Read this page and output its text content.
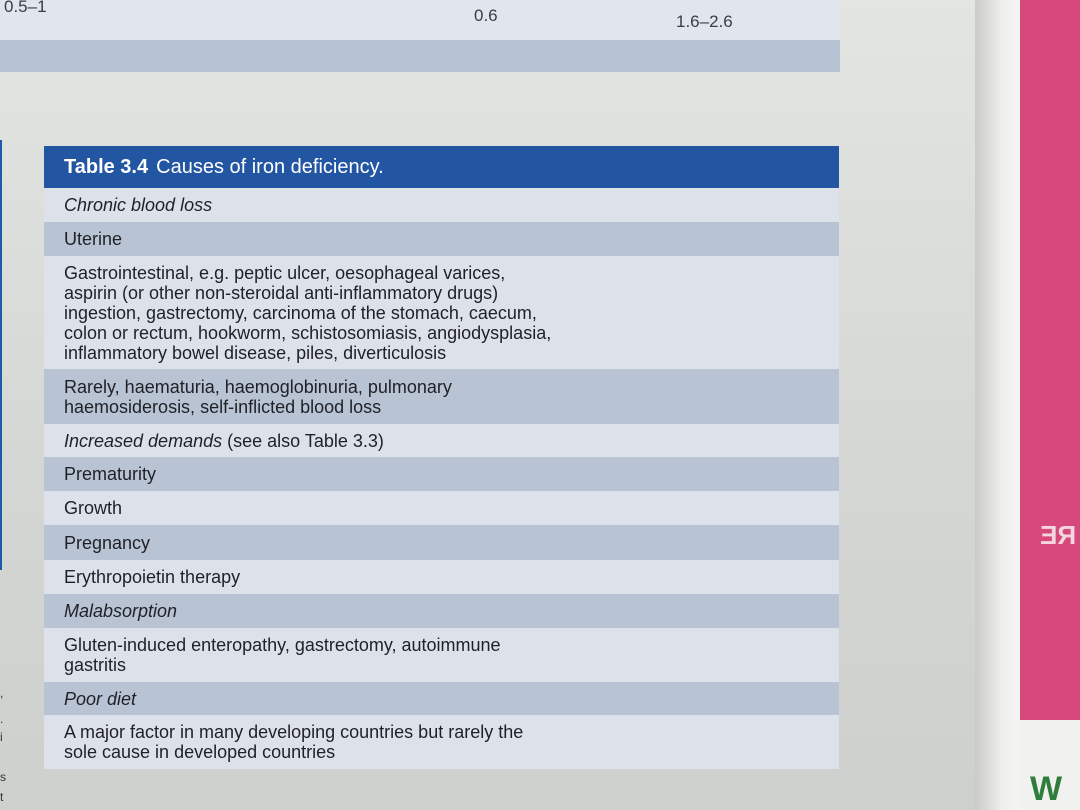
RE
W
0.5–1	0.6	1.6–2.6
,
.
i
s
t
Table 3.4 Causes of iron deficiency.
Chronic blood loss
Uterine
Gastrointestinal, e.g. peptic ulcer, oesophageal varices,
aspirin (or other non-steroidal anti-inflammatory drugs)
ingestion, gastrectomy, carcinoma of the stomach, caecum,
colon or rectum, hookworm, schistosomiasis, angiodysplasia,
inflammatory bowel disease, piles, diverticulosis
Rarely, haematuria, haemoglobinuria, pulmonary
haemosiderosis, self-inflicted blood loss
Increased demands (see also Table 3.3)
Prematurity
Growth
Pregnancy
Erythropoietin therapy
Malabsorption
Gluten-induced enteropathy, gastrectomy, autoimmune
gastritis
Poor diet
A major factor in many developing countries but rarely the
sole cause in developed countries
